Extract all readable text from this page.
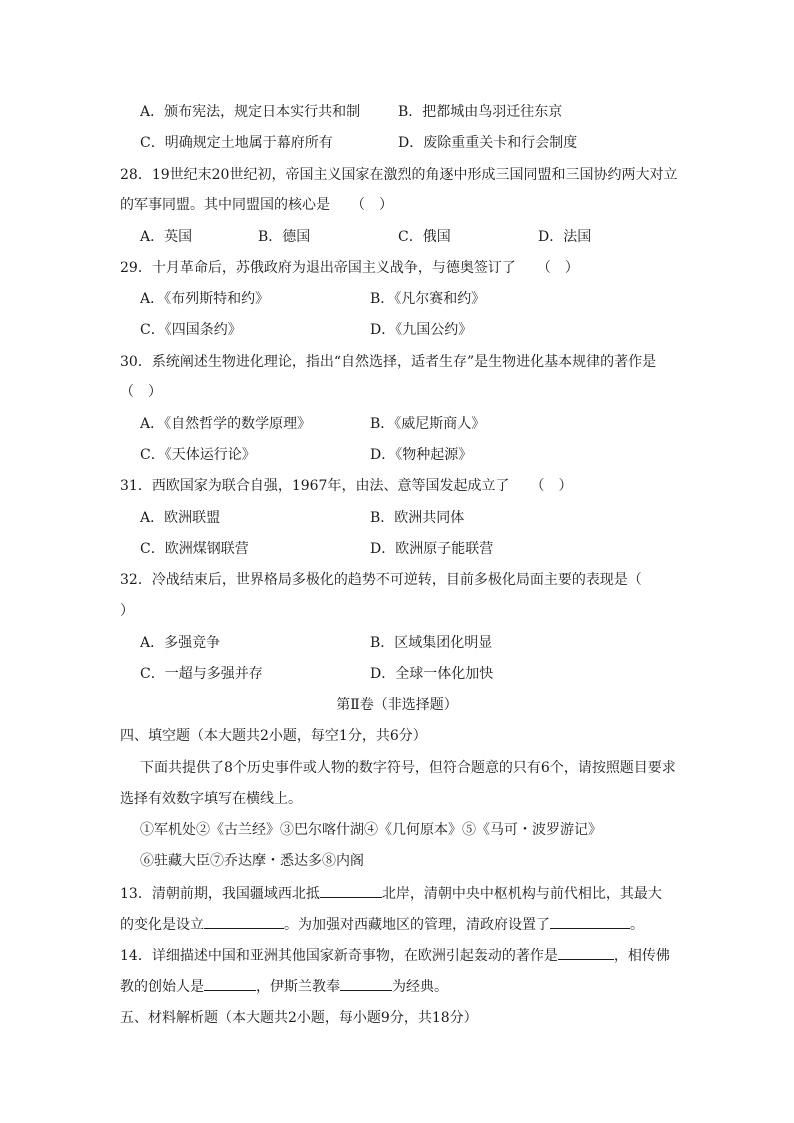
A．颁布宪法，规定日本实行共和制	B．把都城由鸟羽迁往东京
C．明确规定土地属于幕府所有	D．废除重重关卡和行会制度
28．19世纪末20世纪初，帝国主义国家在激烈的角逐中形成三国同盟和三国协约两大对立
的军事同盟。其中同盟国的核心是　　（　）
A．英国	B．德国	C．俄国	D．法国
29．十月革命后，苏俄政府为退出帝国主义战争，与德奥签订了　　（　）
A．《布列斯特和约》	B．《凡尔赛和约》
C．《四国条约》	D．《九国公约》
30．系统阐述生物进化理论，指出“自然选择，适者生存”是生物进化基本规律的著作是
（　）
A．《自然哲学的数学原理》	B．《威尼斯商人》
C．《天体运行论》	D．《物种起源》
31．西欧国家为联合自强，1967年，由法、意等国发起成立了　　（　）
A．欧洲联盟	B．欧洲共同体
C．欧洲煤钢联营	D．欧洲原子能联营
32．冷战结束后，世界格局多极化的趋势不可逆转，目前多极化局面主要的表现是（
）
A．多强竞争	B．区域集团化明显
C．一超与多强并存	D．全球一体化加快
第Ⅱ卷（非选择题）
四、填空题（本大题共2小题，每空1分，共6分）
下面共提供了8个历史事件或人物的数字符号，但符合题意的只有6个，请按照题目要求
选择有效数字填写在横线上。
①军机处②《古兰经》③巴尔喀什湖④《几何原本》⑤《马可・波罗游记》
⑥驻藏大臣⑦乔达摩・悉达多⑧内阁
13．清朝前期，我国疆域西北抵	北岸，清朝中央中枢机构与前代相比，其最大
的变化是设立	。为加强对西藏地区的管理，清政府设置了	。
14．详细描述中国和亚洲其他国家新奇事物，在欧洲引起轰动的著作是	，相传佛
教的创始人是	，伊斯兰教奉	为经典。
五、材料解析题（本大题共2小题，每小题9分，共18分）
